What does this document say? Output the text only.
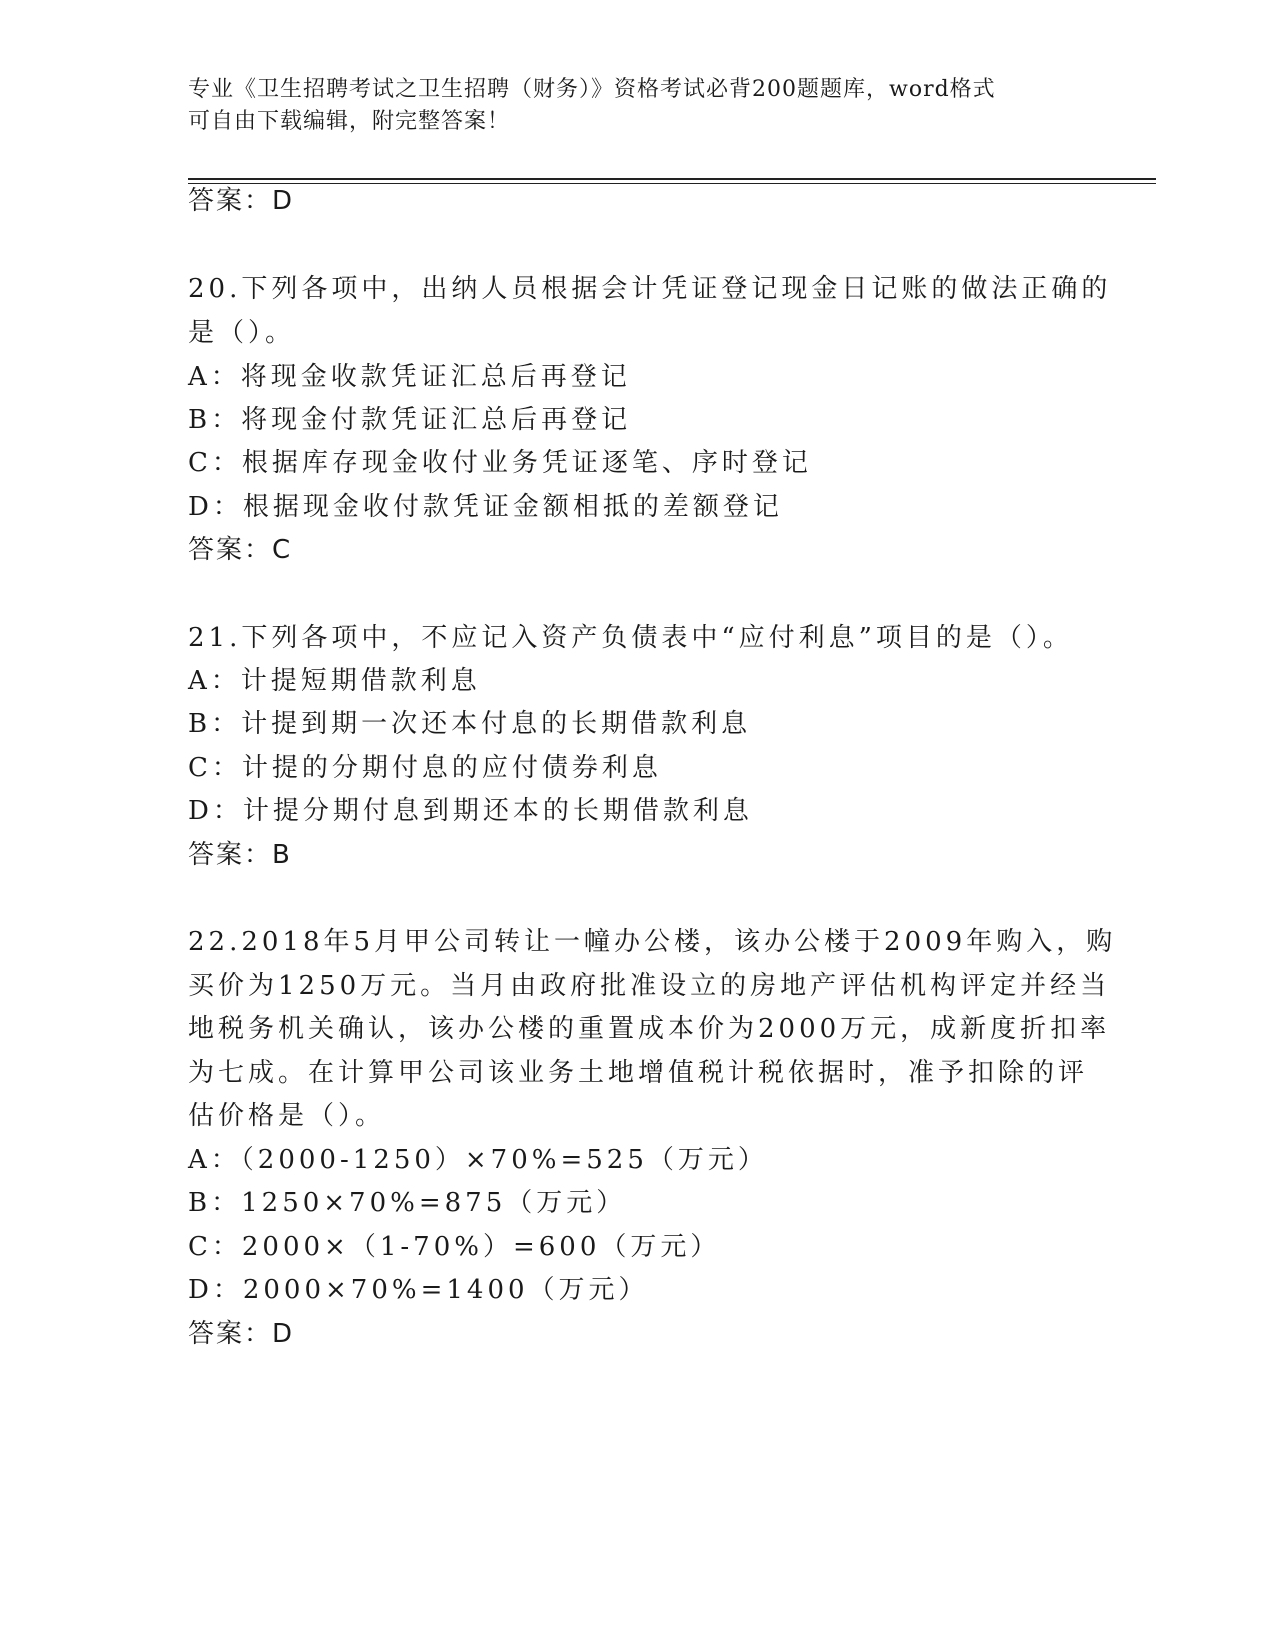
专业《卫生招聘考试之卫生招聘（财务）》资格考试必背200题题库，word格式
可自由下载编辑，附完整答案！
答案：D
20.下列各项中，出纳人员根据会计凭证登记现金日记账的做法正确的
是（）。
A：将现金收款凭证汇总后再登记
B：将现金付款凭证汇总后再登记
C：根据库存现金收付业务凭证逐笔、序时登记
D：根据现金收付款凭证金额相抵的差额登记
答案：C
21.下列各项中，不应记入资产负债表中“应付利息”项目的是（）。
A：计提短期借款利息
B：计提到期一次还本付息的长期借款利息
C：计提的分期付息的应付债券利息
D：计提分期付息到期还本的长期借款利息
答案：B
22.2018年5月甲公司转让一幢办公楼，该办公楼于2009年购入，购
买价为1250万元。当月由政府批准设立的房地产评估机构评定并经当
地税务机关确认，该办公楼的重置成本价为2000万元，成新度折扣率
为七成。在计算甲公司该业务土地增值税计税依据时，准予扣除的评
估价格是（）。
A：（2000-1250）×70%=525（万元）
B：1250×70%=875（万元）
C：2000×（1-70%）=600（万元）
D：2000×70%=1400（万元）
答案：D
